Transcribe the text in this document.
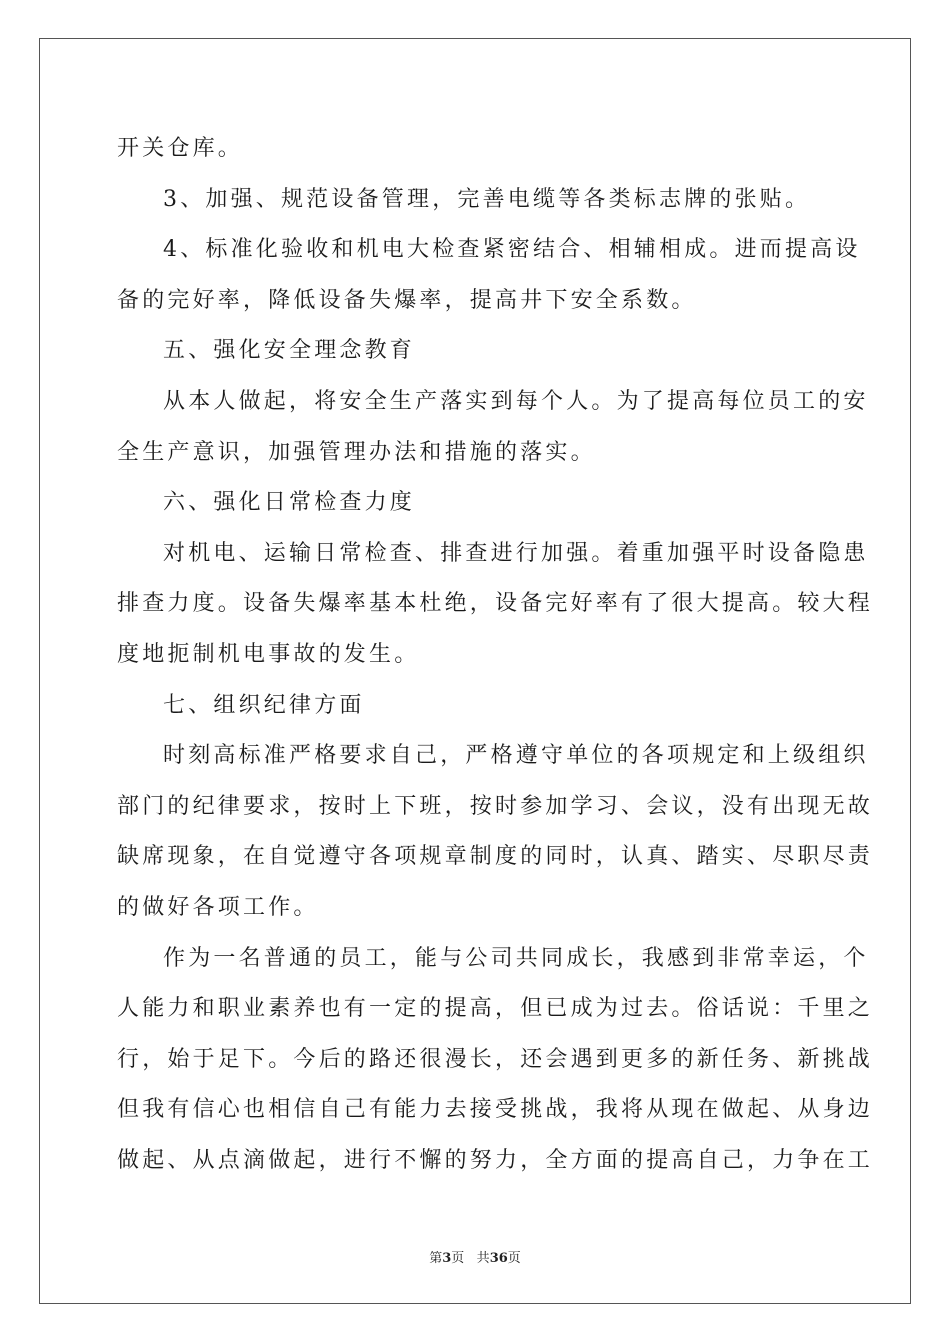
开关仓库。
3、加强、规范设备管理，完善电缆等各类标志牌的张贴。
4、标准化验收和机电大检查紧密结合、相辅相成。进而提高设
备的完好率，降低设备失爆率，提高井下安全系数。
五、强化安全理念教育
从本人做起，将安全生产落实到每个人。为了提高每位员工的安
全生产意识，加强管理办法和措施的落实。
六、强化日常检查力度
对机电、运输日常检查、排查进行加强。着重加强平时设备隐患
排查力度。设备失爆率基本杜绝，设备完好率有了很大提高。较大程
度地扼制机电事故的发生。
七、组织纪律方面
时刻高标准严格要求自己，严格遵守单位的各项规定和上级组织
部门的纪律要求，按时上下班，按时参加学习、会议，没有出现无故
缺席现象，在自觉遵守各项规章制度的同时，认真、踏实、尽职尽责
的做好各项工作。
作为一名普通的员工，能与公司共同成长，我感到非常幸运，个
人能力和职业素养也有一定的提高，但已成为过去。俗话说：千里之
行，始于足下。今后的路还很漫长，还会遇到更多的新任务、新挑战
但我有信心也相信自己有能力去接受挑战，我将从现在做起、从身边
做起、从点滴做起，进行不懈的努力，全方面的提高自己，力争在工
第3页 共36页
